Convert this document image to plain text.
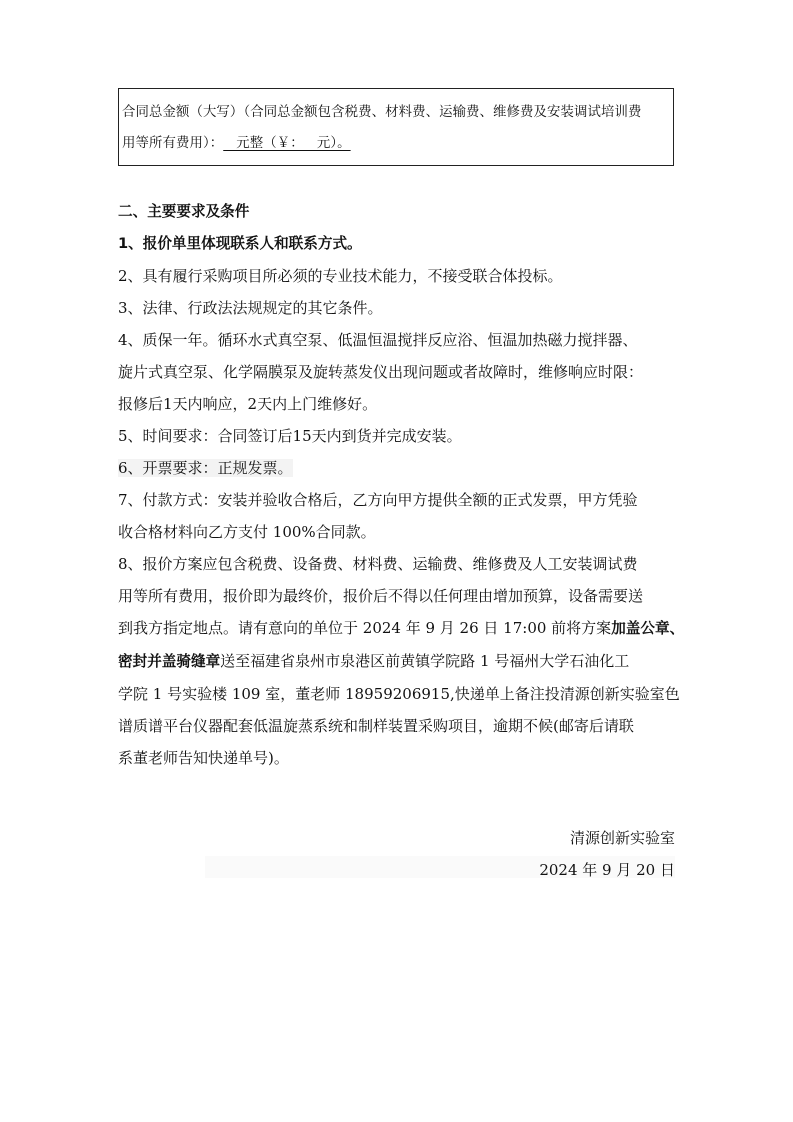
合同总金额（大写）（合同总金额包含税费、材料费、运输费、维修费及安装调试培训费
用等所有费用）：   元整（￥：   元）。
二、主要要求及条件
1、报价单里体现联系人和联系方式。
2、具有履行采购项目所必须的专业技术能力，不接受联合体投标。
3、法律、行政法法规规定的其它条件。
4、质保一年。循环水式真空泵、低温恒温搅拌反应浴、恒温加热磁力搅拌器、
旋片式真空泵、化学隔膜泵及旋转蒸发仪出现问题或者故障时，维修响应时限：
报修后1天内响应，2天内上门维修好。
5、时间要求：合同签订后15天内到货并完成安装。
6、开票要求：正规发票。
7、付款方式：安装并验收合格后，乙方向甲方提供全额的正式发票，甲方凭验
收合格材料向乙方支付 100%合同款。
8、报价方案应包含税费、设备费、材料费、运输费、维修费及人工安装调试费
用等所有费用，报价即为最终价，报价后不得以任何理由增加预算，设备需要送
到我方指定地点。请有意向的单位于 2024 年 9 月 26 日 17:00 前将方案加盖公章、
密封并盖骑缝章送至福建省泉州市泉港区前黄镇学院路 1 号福州大学石油化工
学院 1 号实验楼 109 室，董老师 18959206915,快递单上备注投清源创新实验室色
谱质谱平台仪器配套低温旋蒸系统和制样装置采购项目，逾期不候(邮寄后请联
系董老师告知快递单号)。
清源创新实验室
2024 年 9 月 20 日
